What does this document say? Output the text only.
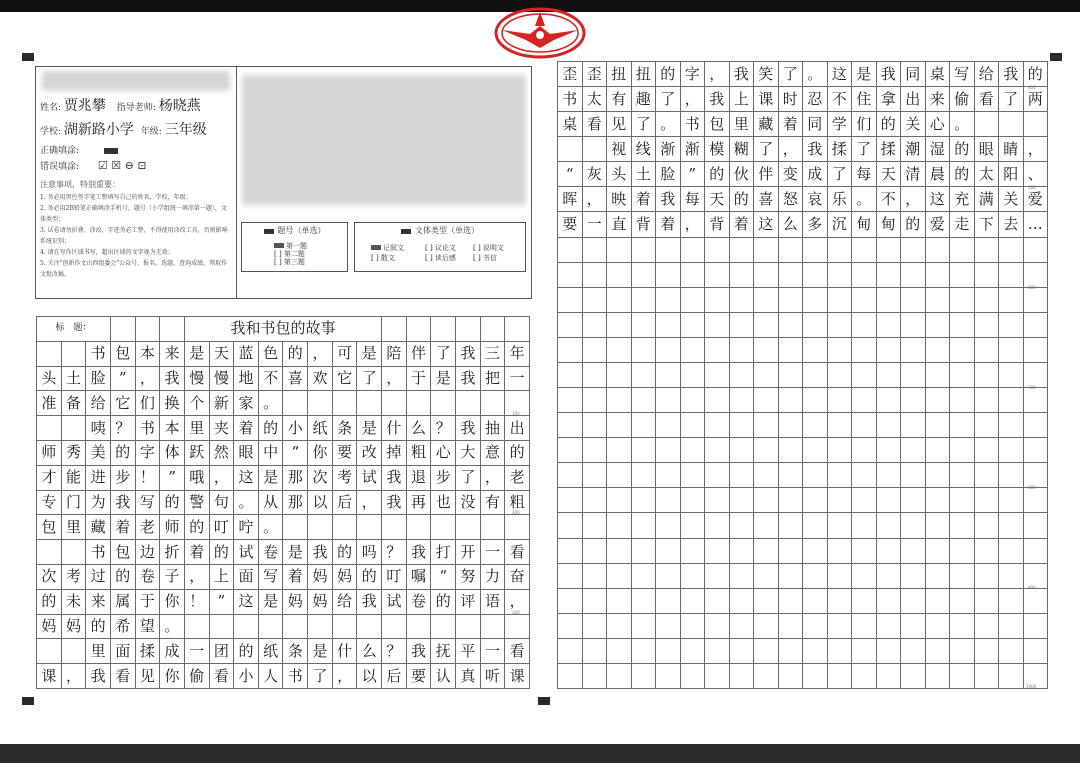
姓名: 贾兆攀 指导老师: 杨晓燕
学校: 湖新路小学 年级: 三年级
正确填涂:
错误填涂: ☑ ☒ ⊖ ⊡
注意事项，特别重要：
1. 务必用黑色签字笔工整填写自己的姓名，学校，年级；
2. 务必用2B铅笔正确填涂手机号，题号（小学组统一填涂第一题），文体类型；
3. 试卷请勿折叠、涂改，字迹务必工整，不得使用涂改工具，否则影响系统识别；
4. 请在写作区域书写，超出区域的文字视为无效；
5. 关注"创新作文山西组委会"公众号，报名、选题，查询成绩，领取作文批改稿。
题号（单选）
第一题
[ ] 第二题
[ ] 第三题
文体类型（单选）
记叙文	[ ] 议论文 [ ] 说明文
[ ] 散文	[ ] 读后感 [ ] 书信
标　题：	我和书包的故事

书 包 本 来 是 天 蓝 色 的 ， 可 是 陪 伴 了 我 三 年
头 土 脸 ” ， 我 慢 慢 地 不 喜 欢 它 了 ， 于 是 我 把 一
准 备 给 它 们 换 个 新 家 。

咦 ？ 书 本 里 夹 着 的 小 纸 条 是 什 么 ？ 我 抽 出
师 秀 美 的 字 体 跃 然 眼 中 “ 你 要 改 掉 粗 心 大 意 的
才 能 进 步 ！ ” 哦 ， 这 是 那 次 考 试 我 退 步 了 ， 老
专 门 为 我 写 的 警 句 。 从 那 以 后 ， 我 再 也 没 有 粗
包 里 藏 着 老 师 的 叮 咛 。

书 包 边 折 着 的 试 卷 是 我 的 吗 ？ 我 打 开 一 看
次 考 过 的 卷 子 ， 上 面 写 着 妈 妈 的 叮 嘱 “ 努 力 奋
的 未 来 属 于 你 ！ ” 这 是 妈 妈 给 我 试 卷 的 评 语 ，
妈 妈 的 希 望 。

里 面 揉 成 一 团 的 纸 条 是 什 么 ？ 我 抚 平 一 看
课 ， 我 看 见 你 偷 看 小 人 书 了 ， 以 后 要 认 真 听 课
歪 歪 扭 扭 的 字 ， 我 笑 了 。 这 是 我 同 桌 写 给 我 的
书 太 有 趣 了 ， 我 上 课 时 忍 不 住 拿 出 来 偷 看 了 两
桌 看 见 了 。 书 包 里 藏 着 同 学 们 的 关 心 。

视 线 渐 渐 模 糊 了 ， 我 揉 了 揉 潮 湿 的 眼 睛 ，
“ 灰 头 土 脸 ” 的 伙 伴 变 成 了 每 天 清 晨 的 太 阳 、
晖 ， 映 着 我 每 天 的 喜 怒 哀 乐 。 不 ， 这 充 满 关 爱
要 一 直 背 着 ， 背 着 这 么 多 沉 甸 甸 的 爱 走 下 去 …
100
200
300
400
500
600
700
800
900
1000
